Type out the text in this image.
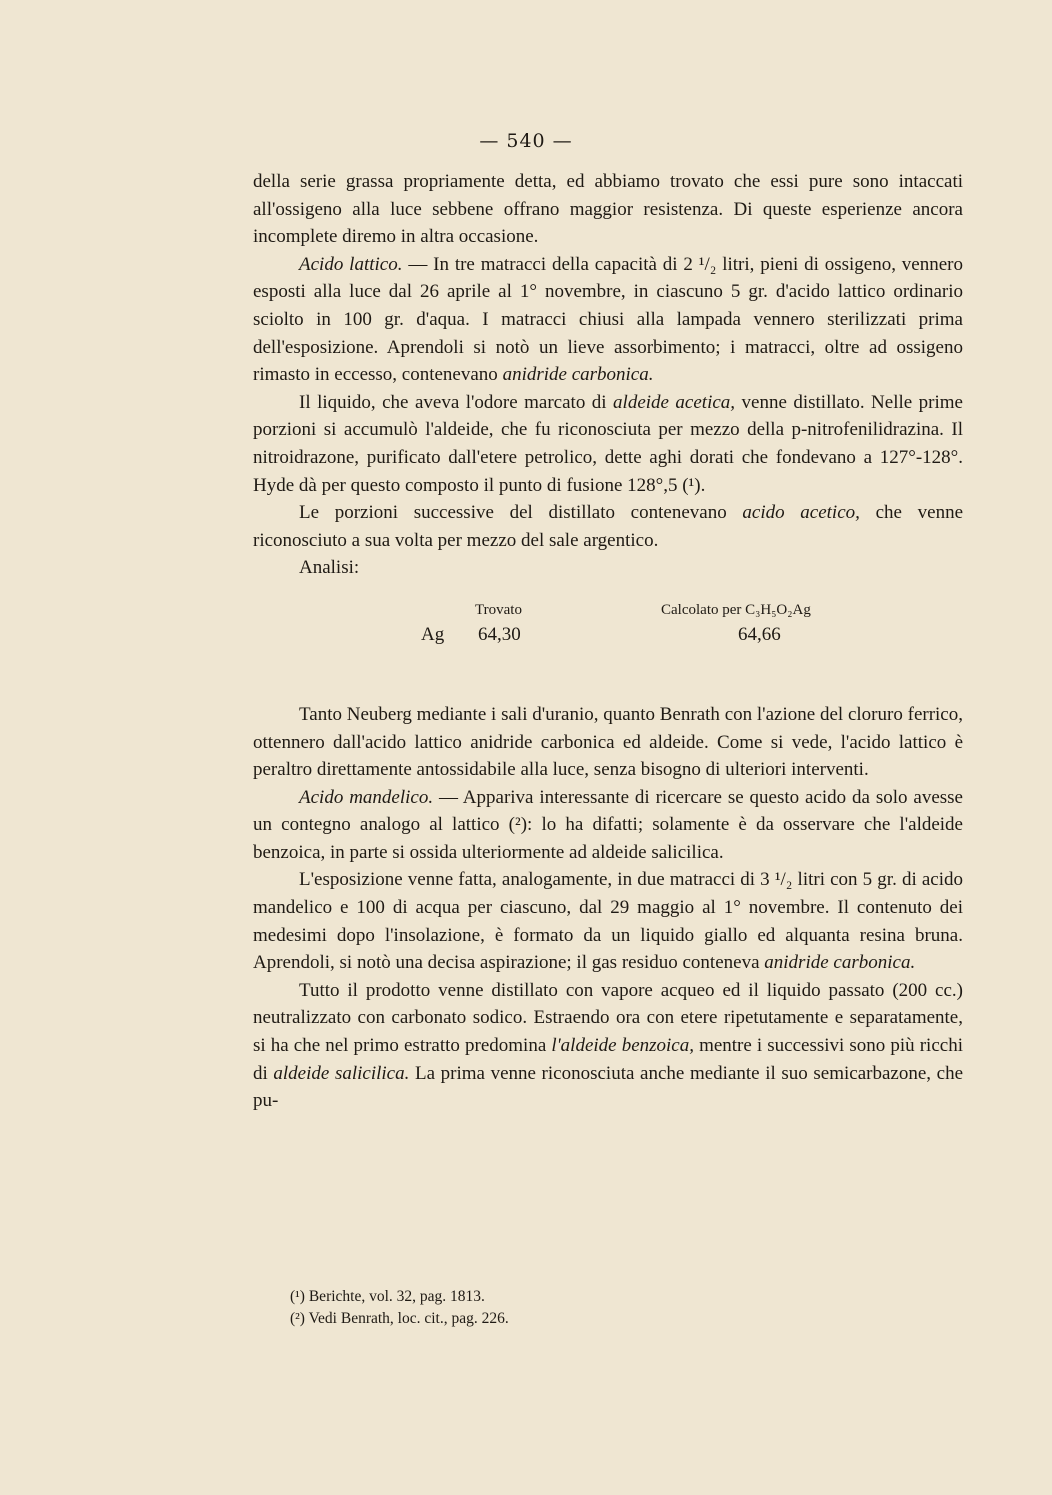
— 540 —

della serie grassa propriamente detta, ed abbiamo trovato che essi pure sono intaccati all'ossigeno alla luce sebbene offrano maggior resistenza. Di queste esperienze ancora incomplete diremo in altra occasione.

Acido lattico. — In tre matracci della capacità di 2 ¹/₂ litri, pieni di ossigeno, vennero esposti alla luce dal 26 aprile al 1° novembre, in ciascuno 5 gr. d'acido lattico ordinario sciolto in 100 gr. d'aqua. I matracci chiusi alla lampada vennero sterilizzati prima dell'esposizione. Aprendoli si notò un lieve assorbimento; i matracci, oltre ad ossigeno rimasto in eccesso, contenevano anidride carbonica.

Il liquido, che aveva l'odore marcato di aldeide acetica, venne distillato. Nelle prime porzioni si accumulò l'aldeide, che fu riconosciuta per mezzo della p-nitrofenilidrazina. Il nitroidrazone, purificato dall'etere petrolico, dette aghi dorati che fondevano a 127°-128°. Hyde dà per questo composto il punto di fusione 128°,5 (¹).

Le porzioni successive del distillato contenevano acido acetico, che venne riconosciuto a sua volta per mezzo del sale argentico.

Analisi:

Trovato	Calcolato per C₃H₅O₂Ag
Ag 64,30	64,66

Tanto Neuberg mediante i sali d'uranio, quanto Benrath con l'azione del cloruro ferrico, ottennero dall'acido lattico anidride carbonica ed aldeide. Come si vede, l'acido lattico è peraltro direttamente antossidabile alla luce, senza bisogno di ulteriori interventi.

Acido mandelico. — Appariva interessante di ricercare se questo acido da solo avesse un contegno analogo al lattico (²): lo ha difatti; solamente è da osservare che l'aldeide benzoica, in parte si ossida ulteriormente ad aldeide salicilica.

L'esposizione venne fatta, analogamente, in due matracci di 3 ¹/₂ litri con 5 gr. di acido mandelico e 100 di acqua per ciascuno, dal 29 maggio al 1° novembre. Il contenuto dei medesimi dopo l'insolazione, è formato da un liquido giallo ed alquanta resina bruna. Aprendoli, si notò una decisa aspirazione; il gas residuo conteneva anidride carbonica.

Tutto il prodotto venne distillato con vapore acqueo ed il liquido passato (200 cc.) neutralizzato con carbonato sodico. Estraendo ora con etere ripetutamente e separatamente, si ha che nel primo estratto predomina l'aldeide benzoica, mentre i successivi sono più ricchi di aldeide salicilica. La prima venne riconosciuta anche mediante il suo semicarbazone, che pu-

(¹) Berichte, vol. 32, pag. 1813.
(²) Vedi Benrath, loc. cit., pag. 226.
